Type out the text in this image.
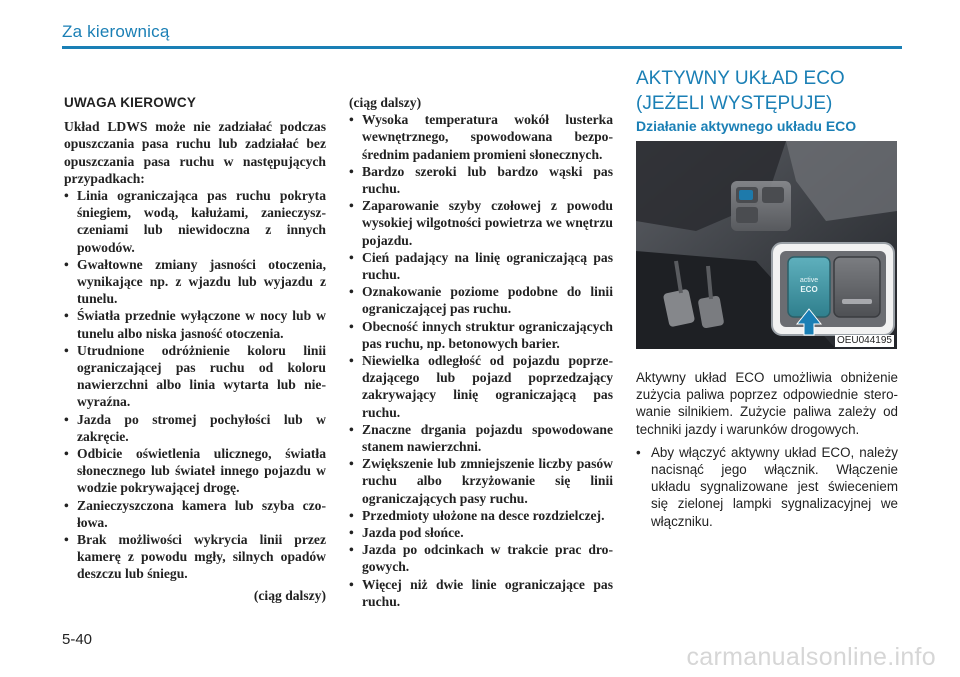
Za kierownicą
UWAGA KIEROWCY

Układ LDWS może nie zadziałać podczas opuszczania pasa ruchu lub zadziałać bez opuszczania pasa ruchu w następujących przypadkach:

• Linia ograniczająca pas ruchu pokryta śniegiem, wodą, kałużami, zanieczyszczeniami lub niewidoczna z innych powodów.
• Gwałtowne zmiany jasności otoczenia, wynikające np. z wjazdu lub wyjazdu z tunelu.
• Światła przednie wyłączone w nocy lub w tunelu albo niska jasność otoczenia.
• Utrudnione odróżnienie koloru linii ograniczającej pas ruchu od koloru nawierzchni albo linia wytarta lub niewyraźna.
• Jazda po stromej pochyłości lub w zakręcie.
• Odbicie oświetlenia ulicznego, światła słonecznego lub świateł innego pojazdu w wodzie pokrywającej drogę.
• Zanieczyszczona kamera lub szyba czołowa.
• Brak możliwości wykrycia linii przez kamerę z powodu mgły, silnych opadów deszczu lub śniegu.
(ciąg dalszy)
(ciąg dalszy)
• Wysoka temperatura wokół lusterka wewnętrznego, spowodowana bezpośrednim padaniem promieni słonecznych.
• Bardzo szeroki lub bardzo wąski pas ruchu.
• Zaparowanie szyby czołowej z powodu wysokiej wilgotności powietrza we wnętrzu pojazdu.
• Cień padający na linię ograniczającą pas ruchu.
• Oznakowanie poziome podobne do linii ograniczającej pas ruchu.
• Obecność innych struktur ograniczających pas ruchu, np. betonowych barier.
• Niewielka odległość od pojazdu poprzedzającego lub pojazd poprzedzający zakrywający linię ograniczającą pas ruchu.
• Znaczne drgania pojazdu spowodowane stanem nawierzchni.
• Zwiększenie lub zmniejszenie liczby pasów ruchu albo krzyżowanie się linii ograniczających pasy ruchu.
• Przedmioty ułożone na desce rozdzielczej.
• Jazda pod słońce.
• Jazda po odcinkach w trakcie prac drogowych.
• Więcej niż dwie linie ograniczające pas ruchu.
AKTYWNY UKŁAD ECO
(JEŻELI WYSTĘPUJE)
Działanie aktywnego układu ECO
active
ECO
OEU044195

Aktywny układ ECO umożliwia obniżenie zużycia paliwa poprzez odpowiednie sterowanie silnikiem. Zużycie paliwa zależy od techniki jazdy i warunków drogowych.

• Aby włączyć aktywny układ ECO, należy nacisnąć jego włącznik. Włączenie układu sygnalizowane jest świeceniem się zielonej lampki sygnalizacyjnej we włączniku.
5-40
carmanualsonline.info
